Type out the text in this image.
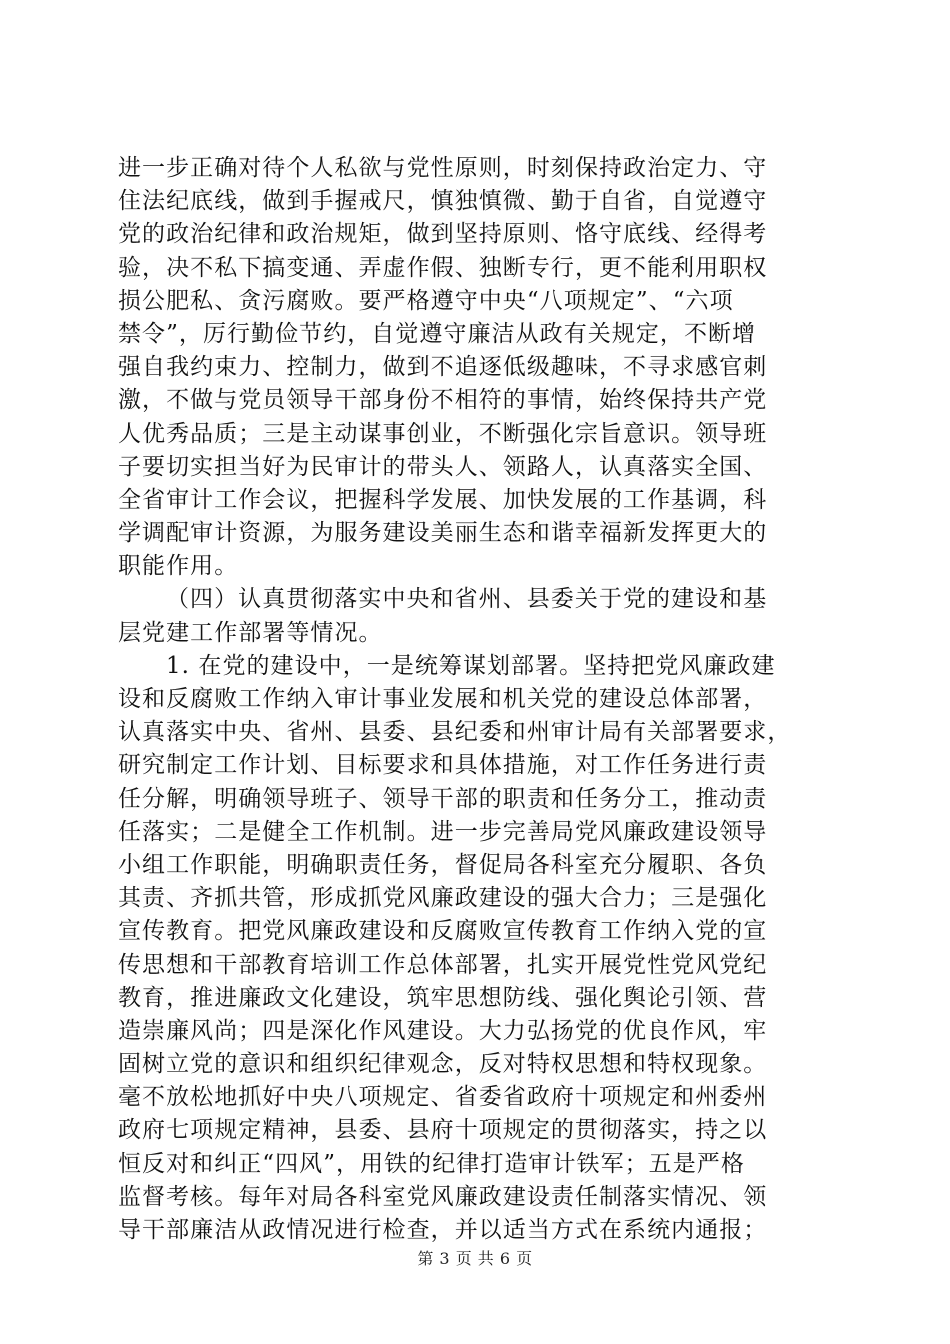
进一步正确对待个人私欲与党性原则，时刻保持政治定力、守
住法纪底线，做到手握戒尺，慎独慎微、勤于自省，自觉遵守
党的政治纪律和政治规矩，做到坚持原则、恪守底线、经得考
验，决不私下搞变通、弄虚作假、独断专行，更不能利用职权
损公肥私、贪污腐败。要严格遵守中央“八项规定”、“六项
禁令”，厉行勤俭节约，自觉遵守廉洁从政有关规定，不断增
强自我约束力、控制力，做到不追逐低级趣味，不寻求感官刺
激，不做与党员领导干部身份不相符的事情，始终保持共产党
人优秀品质；三是主动谋事创业，不断强化宗旨意识。领导班
子要切实担当好为民审计的带头人、领路人，认真落实全国、
全省审计工作会议，把握科学发展、加快发展的工作基调，科
学调配审计资源，为服务建设美丽生态和谐幸福新发挥更大的
职能作用。
（四）认真贯彻落实中央和省州、县委关于党的建设和基
层党建工作部署等情况。
1. 在党的建设中，一是统筹谋划部署。坚持把党风廉政建
设和反腐败工作纳入审计事业发展和机关党的建设总体部署，
认真落实中央、省州、县委、县纪委和州审计局有关部署要求，
研究制定工作计划、目标要求和具体措施，对工作任务进行责
任分解，明确领导班子、领导干部的职责和任务分工，推动责
任落实；二是健全工作机制。进一步完善局党风廉政建设领导
小组工作职能，明确职责任务，督促局各科室充分履职、各负
其责、齐抓共管，形成抓党风廉政建设的强大合力；三是强化
宣传教育。把党风廉政建设和反腐败宣传教育工作纳入党的宣
传思想和干部教育培训工作总体部署，扎实开展党性党风党纪
教育，推进廉政文化建设，筑牢思想防线、强化舆论引领、营
造崇廉风尚；四是深化作风建设。大力弘扬党的优良作风，牢
固树立党的意识和组织纪律观念，反对特权思想和特权现象。
毫不放松地抓好中央八项规定、省委省政府十项规定和州委州
政府七项规定精神，县委、县府十项规定的贯彻落实，持之以
恒反对和纠正“四风”，用铁的纪律打造审计铁军；五是严格
监督考核。每年对局各科室党风廉政建设责任制落实情况、领
导干部廉洁从政情况进行检查，并以适当方式在系统内通报；
第 3 页 共 6 页
